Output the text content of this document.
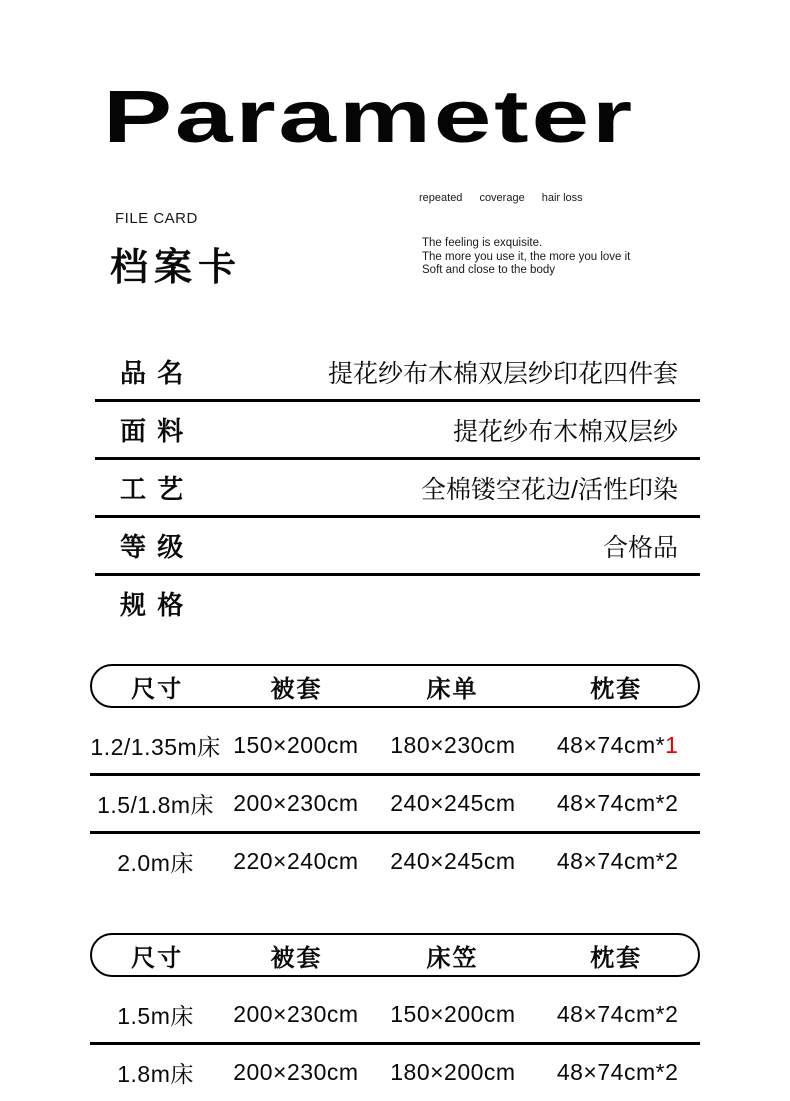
Parameter
FILE CARD
档案卡
repeated coverage hair loss
The feeling is exquisite.
The more you use it, the more you love it
Soft and close to the body
品 名	提花纱布木棉双层纱印花四件套
面 料	提花纱布木棉双层纱
工 艺	全棉镂空花边/活性印染
等 级	合格品
规 格
尺寸	被套	床单	枕套
1.2/1.35m床 150×200cm	180×230cm	48×74cm*1
1.5/1.8m床 200×230cm	240×245cm	48×74cm*2
2.0m床	220×240cm	240×245cm	48×74cm*2
尺寸	被套	床笠	枕套
1.5m床	200×230cm	150×200cm	48×74cm*2
1.8m床	200×230cm	180×200cm	48×74cm*2
